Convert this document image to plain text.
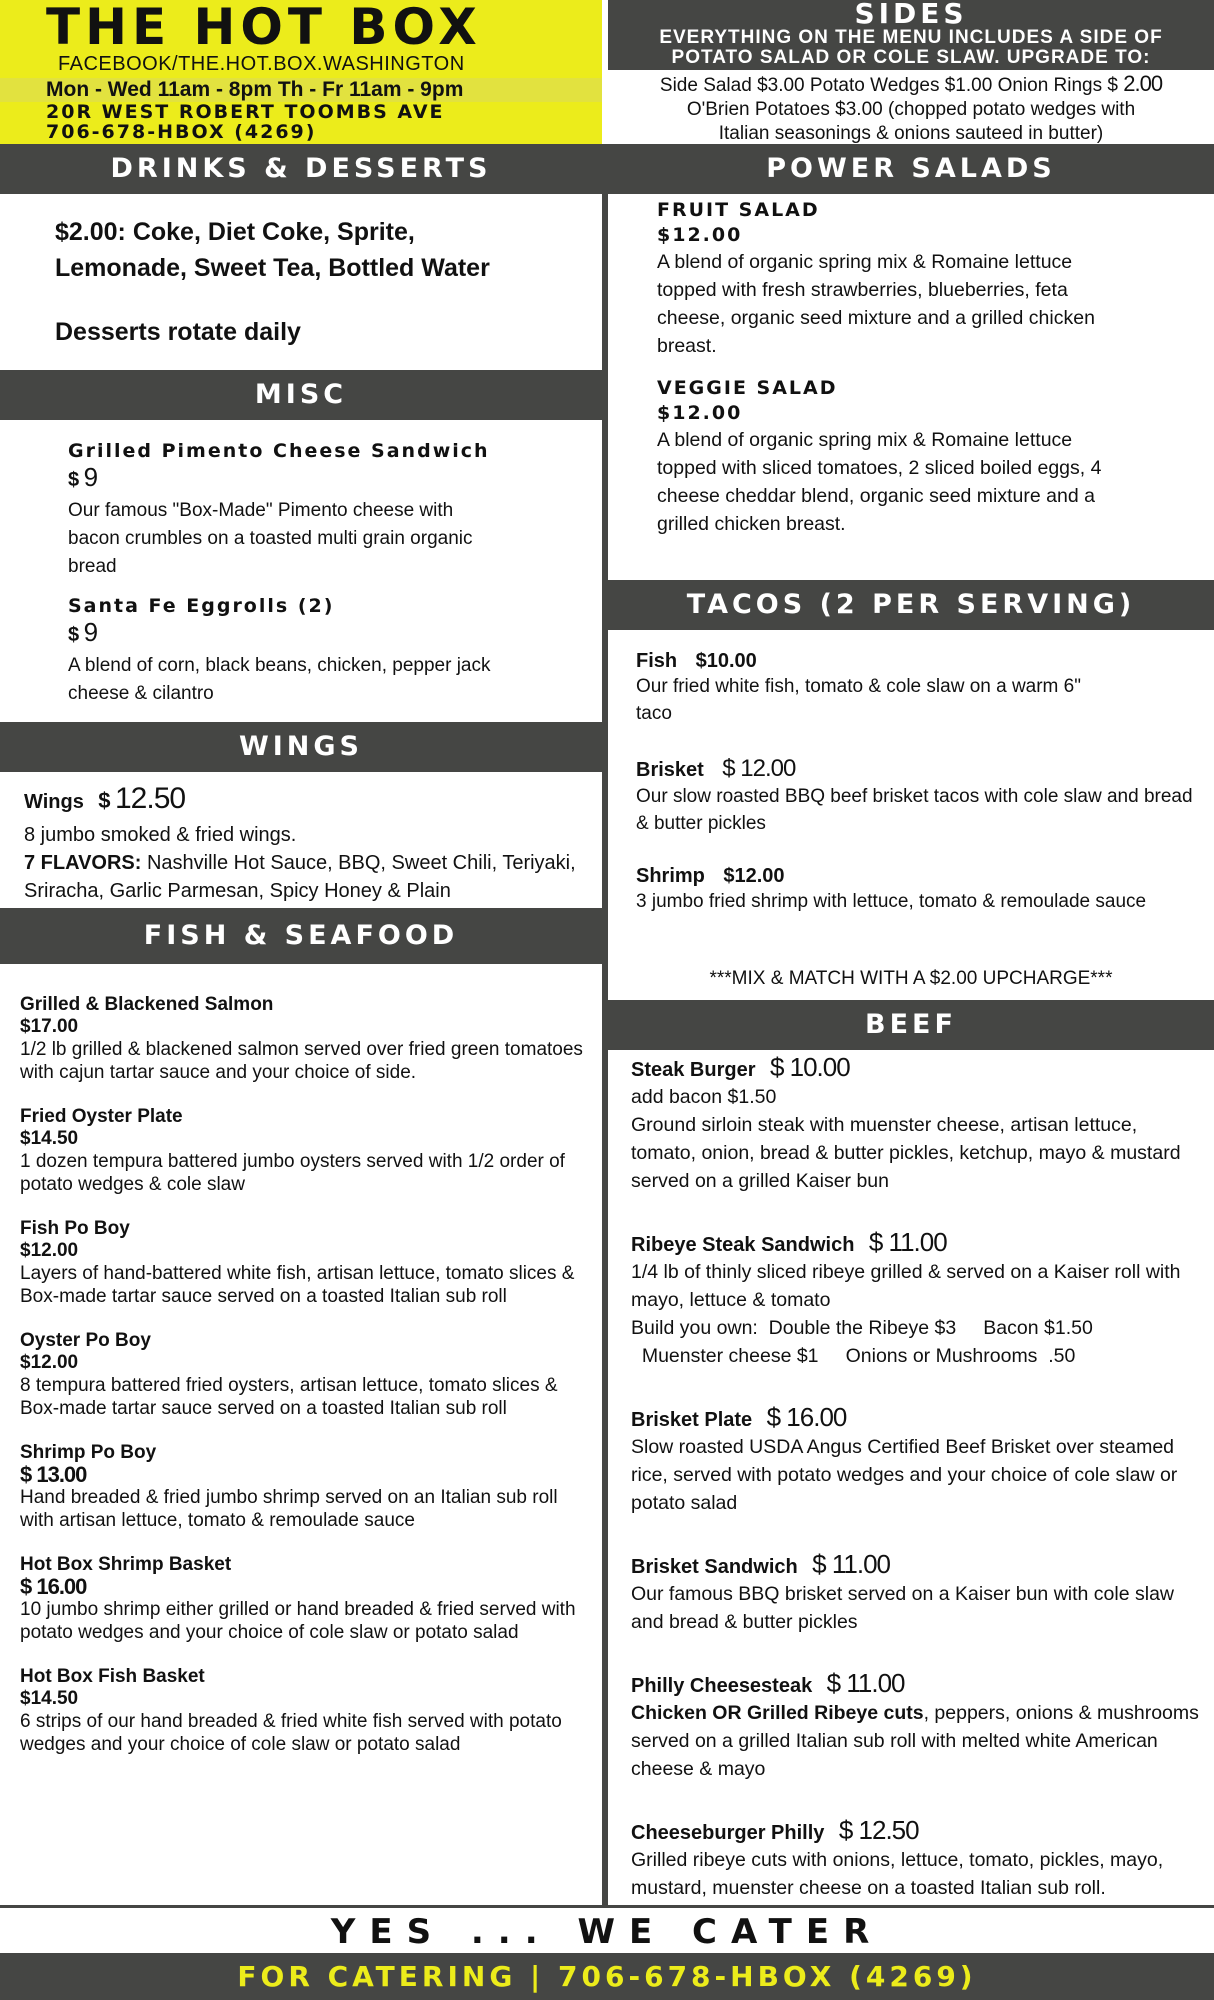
THE HOT BOX
FACEBOOK/THE.HOT.BOX.WASHINGTON
Mon - Wed 11am - 8pm Th - Fr 11am - 9pm
20R WEST ROBERT TOOMBS AVE
706-678-HBOX (4269)
SIDES
EVERYTHING ON THE MENU INCLUDES A SIDE OF
POTATO SALAD OR COLE SLAW. UPGRADE TO:
Side Salad $3.00 Potato Wedges $1.00 Onion Rings $ 2.00
O'Brien Potatoes $3.00 (chopped potato wedges with
Italian seasonings & onions sauteed in butter)
DRINKS & DESSERTS
$2.00: Coke, Diet Coke, Sprite,
Lemonade, Sweet Tea, Bottled Water
Desserts rotate daily
MISC
Grilled Pimento Cheese Sandwich
$ 9
Our famous "Box-Made" Pimento cheese with bacon crumbles on a toasted multi grain organic bread
Santa Fe Eggrolls (2)
$ 9
A blend of corn, black beans, chicken, pepper jack cheese & cilantro
WINGS
Wings $ 12.50
8 jumbo smoked & fried wings.
7 FLAVORS: Nashville Hot Sauce, BBQ, Sweet Chili, Teriyaki, Sriracha, Garlic Parmesan, Spicy Honey & Plain
FISH & SEAFOOD
Grilled & Blackened Salmon
$17.00
1/2 lb grilled & blackened salmon served over fried green tomatoes with cajun tartar sauce and your choice of side.
Fried Oyster Plate
$14.50
1 dozen tempura battered jumbo oysters served with 1/2 order of potato wedges & cole slaw
Fish Po Boy
$12.00
Layers of hand-battered white fish, artisan lettuce, tomato slices & Box-made tartar sauce served on a toasted Italian sub roll
Oyster Po Boy
$12.00
8 tempura battered fried oysters, artisan lettuce, tomato slices & Box-made tartar sauce served on a toasted Italian sub roll
Shrimp Po Boy
$ 13.00
Hand breaded & fried jumbo shrimp served on an Italian sub roll with artisan lettuce, tomato & remoulade sauce
Hot Box Shrimp Basket
$ 16.00
10 jumbo shrimp either grilled or hand breaded & fried served with potato wedges and your choice of cole slaw or potato salad
Hot Box Fish Basket
$14.50
6 strips of our hand breaded & fried white fish served with potato wedges and your choice of cole slaw or potato salad
POWER SALADS
FRUIT SALAD
$12.00
A blend of organic spring mix & Romaine lettuce topped with fresh strawberries, blueberries, feta cheese, organic seed mixture and a grilled chicken breast.
VEGGIE SALAD
$12.00
A blend of organic spring mix & Romaine lettuce topped with sliced tomatoes, 2 sliced boiled eggs, 4 cheese cheddar blend, organic seed mixture and a grilled chicken breast.
TACOS (2 PER SERVING)
Fish $10.00
Our fried white fish, tomato & cole slaw on a warm 6" taco
Brisket $ 12.00
Our slow roasted BBQ beef brisket tacos with cole slaw and bread & butter pickles
Shrimp $12.00
3 jumbo fried shrimp with lettuce, tomato & remoulade sauce
***MIX & MATCH WITH A $2.00 UPCHARGE***
BEEF
Steak Burger $ 10.00
add bacon $1.50
Ground sirloin steak with muenster cheese, artisan lettuce, tomato, onion, bread & butter pickles, ketchup, mayo & mustard served on a grilled Kaiser bun
Ribeye Steak Sandwich $ 11.00
1/4 lb of thinly sliced ribeye grilled & served on a Kaiser roll with mayo, lettuce & tomato
Build you own:  Double the Ribeye $3     Bacon $1.50
Muenster cheese $1     Onions or Mushrooms  .50
Brisket Plate $ 16.00
Slow roasted USDA Angus Certified Beef Brisket over steamed rice, served with potato wedges and your choice of cole slaw or potato salad
Brisket Sandwich $ 11.00
Our famous BBQ brisket served on a Kaiser bun with cole slaw and bread & butter pickles
Philly Cheesesteak $ 11.00
Chicken OR Grilled Ribeye cuts, peppers, onions & mushrooms served on a grilled Italian sub roll with melted white American cheese & mayo
Cheeseburger Philly $ 12.50
Grilled ribeye cuts with onions, lettuce, tomato, pickles, mayo, mustard, muenster cheese on a toasted Italian sub roll.
YES ... WE CATER
FOR CATERING | 706-678-HBOX (4269)
